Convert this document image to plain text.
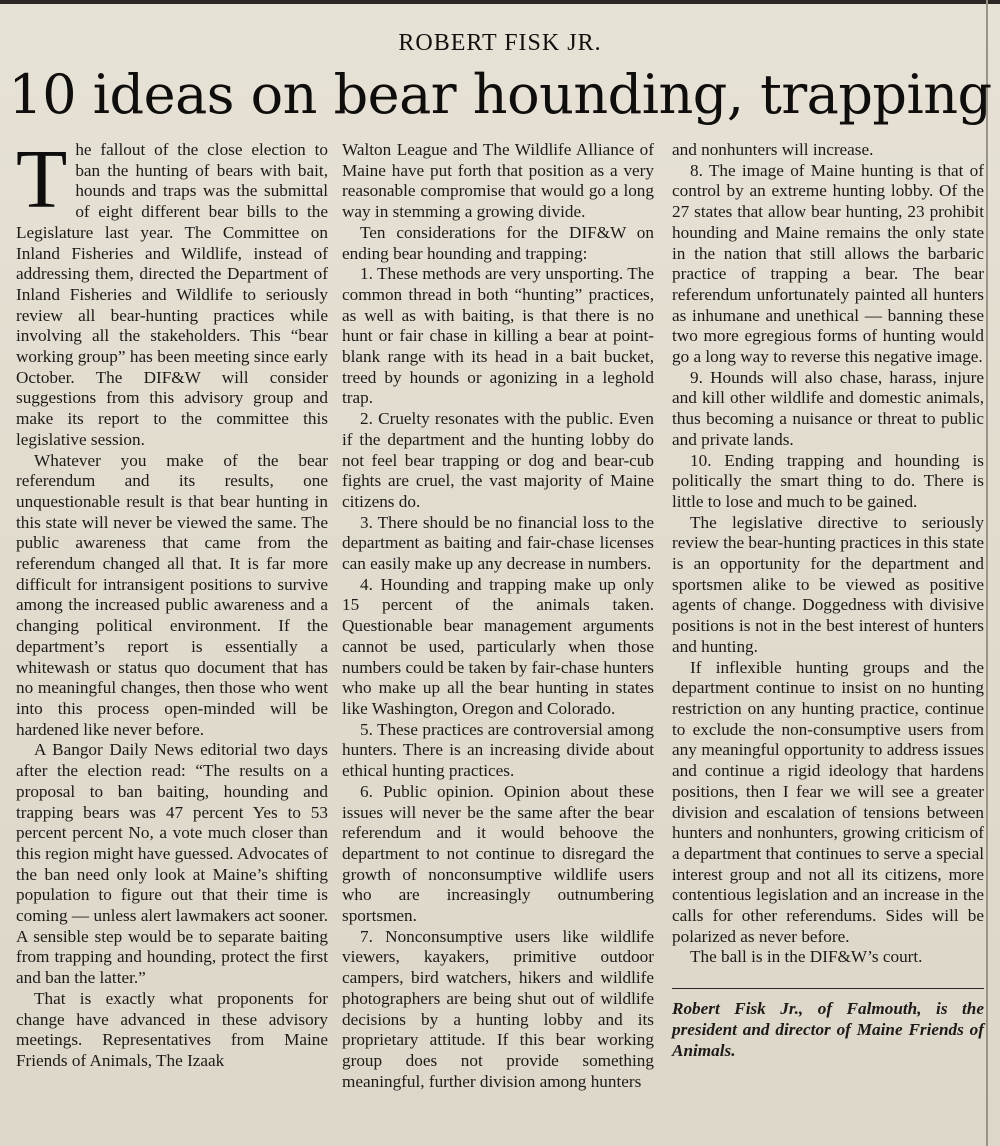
ROBERT FISK JR.
10 ideas on bear hounding, trapping

The fallout of the close election to ban the hunting of bears with bait, hounds and traps was the submittal of eight different bear bills to the Legislature last year. The Committee on Inland Fisheries and Wildlife, instead of addressing them, directed the Department of Inland Fisheries and Wildlife to seriously review all bear-hunting practices while involving all the stakeholders. This “bear working group” has been meeting since early October. The DIF&W will consider suggestions from this advisory group and make its report to the committee this legislative session.

Whatever you make of the bear referendum and its results, one unquestionable result is that bear hunting in this state will never be viewed the same. The public awareness that came from the referendum changed all that. It is far more difficult for intransigent positions to survive among the increased public awareness and a changing political environment. If the department’s report is essentially a whitewash or status quo document that has no meaningful changes, then those who went into this process open-minded will be hardened like never before.

A Bangor Daily News editorial two days after the election read: “The results on a proposal to ban baiting, hounding and trapping bears was 47 percent Yes to 53 percent percent No, a vote much closer than this region might have guessed. Advocates of the ban need only look at Maine’s shifting population to figure out that their time is coming — unless alert lawmakers act sooner. A sensible step would be to separate baiting from trapping and hounding, protect the first and ban the latter.”

That is exactly what proponents for change have advanced in these advisory meetings. Representatives from Maine Friends of Animals, The Izaak

Walton League and The Wildlife Alliance of Maine have put forth that position as a very reasonable compromise that would go a long way in stemming a growing divide.

Ten considerations for the DIF&W on ending bear hounding and trapping:

1. These methods are very unsporting. The common thread in both “hunting” practices, as well as with baiting, is that there is no hunt or fair chase in killing a bear at point-blank range with its head in a bait bucket, treed by hounds or agonizing in a leghold trap.

2. Cruelty resonates with the public. Even if the department and the hunting lobby do not feel bear trapping or dog and bear-cub fights are cruel, the vast majority of Maine citizens do.

3. There should be no financial loss to the department as baiting and fair-chase licenses can easily make up any decrease in numbers.

4. Hounding and trapping make up only 15 percent of the animals taken. Questionable bear management arguments cannot be used, particularly when those numbers could be taken by fair-chase hunters who make up all the bear hunting in states like Washington, Oregon and Colorado.

5. These practices are controversial among hunters. There is an increasing divide about ethical hunting practices.

6. Public opinion. Opinion about these issues will never be the same after the bear referendum and it would behoove the department to not continue to disregard the growth of nonconsumptive wildlife users who are increasingly outnumbering sportsmen.

7. Nonconsumptive users like wildlife viewers, kayakers, primitive outdoor campers, bird watchers, hikers and wildlife photographers are being shut out of wildlife decisions by a hunting lobby and its proprietary attitude. If this bear working group does not provide something meaningful, further division among hunters

and nonhunters will increase.

8. The image of Maine hunting is that of control by an extreme hunting lobby. Of the 27 states that allow bear hunting, 23 prohibit hounding and Maine remains the only state in the nation that still allows the barbaric practice of trapping a bear. The bear referendum unfortunately painted all hunters as inhumane and unethical — banning these two more egregious forms of hunting would go a long way to reverse this negative image.

9. Hounds will also chase, harass, injure and kill other wildlife and domestic animals, thus becoming a nuisance or threat to public and private lands.

10. Ending trapping and hounding is politically the smart thing to do. There is little to lose and much to be gained.

The legislative directive to seriously review the bear-hunting practices in this state is an opportunity for the department and sportsmen alike to be viewed as positive agents of change. Doggedness with divisive positions is not in the best interest of hunters and hunting.

If inflexible hunting groups and the department continue to insist on no hunting restriction on any hunting practice, continue to exclude the non-consumptive users from any meaningful opportunity to address issues and continue a rigid ideology that hardens positions, then I fear we will see a greater division and escalation of tensions between hunters and nonhunters, growing criticism of a department that continues to serve a special interest group and not all its citizens, more contentious legislation and an increase in the calls for other referendums. Sides will be polarized as never before.

The ball is in the DIF&W’s court.

Robert Fisk Jr., of Falmouth, is the president and director of Maine Friends of Animals.
